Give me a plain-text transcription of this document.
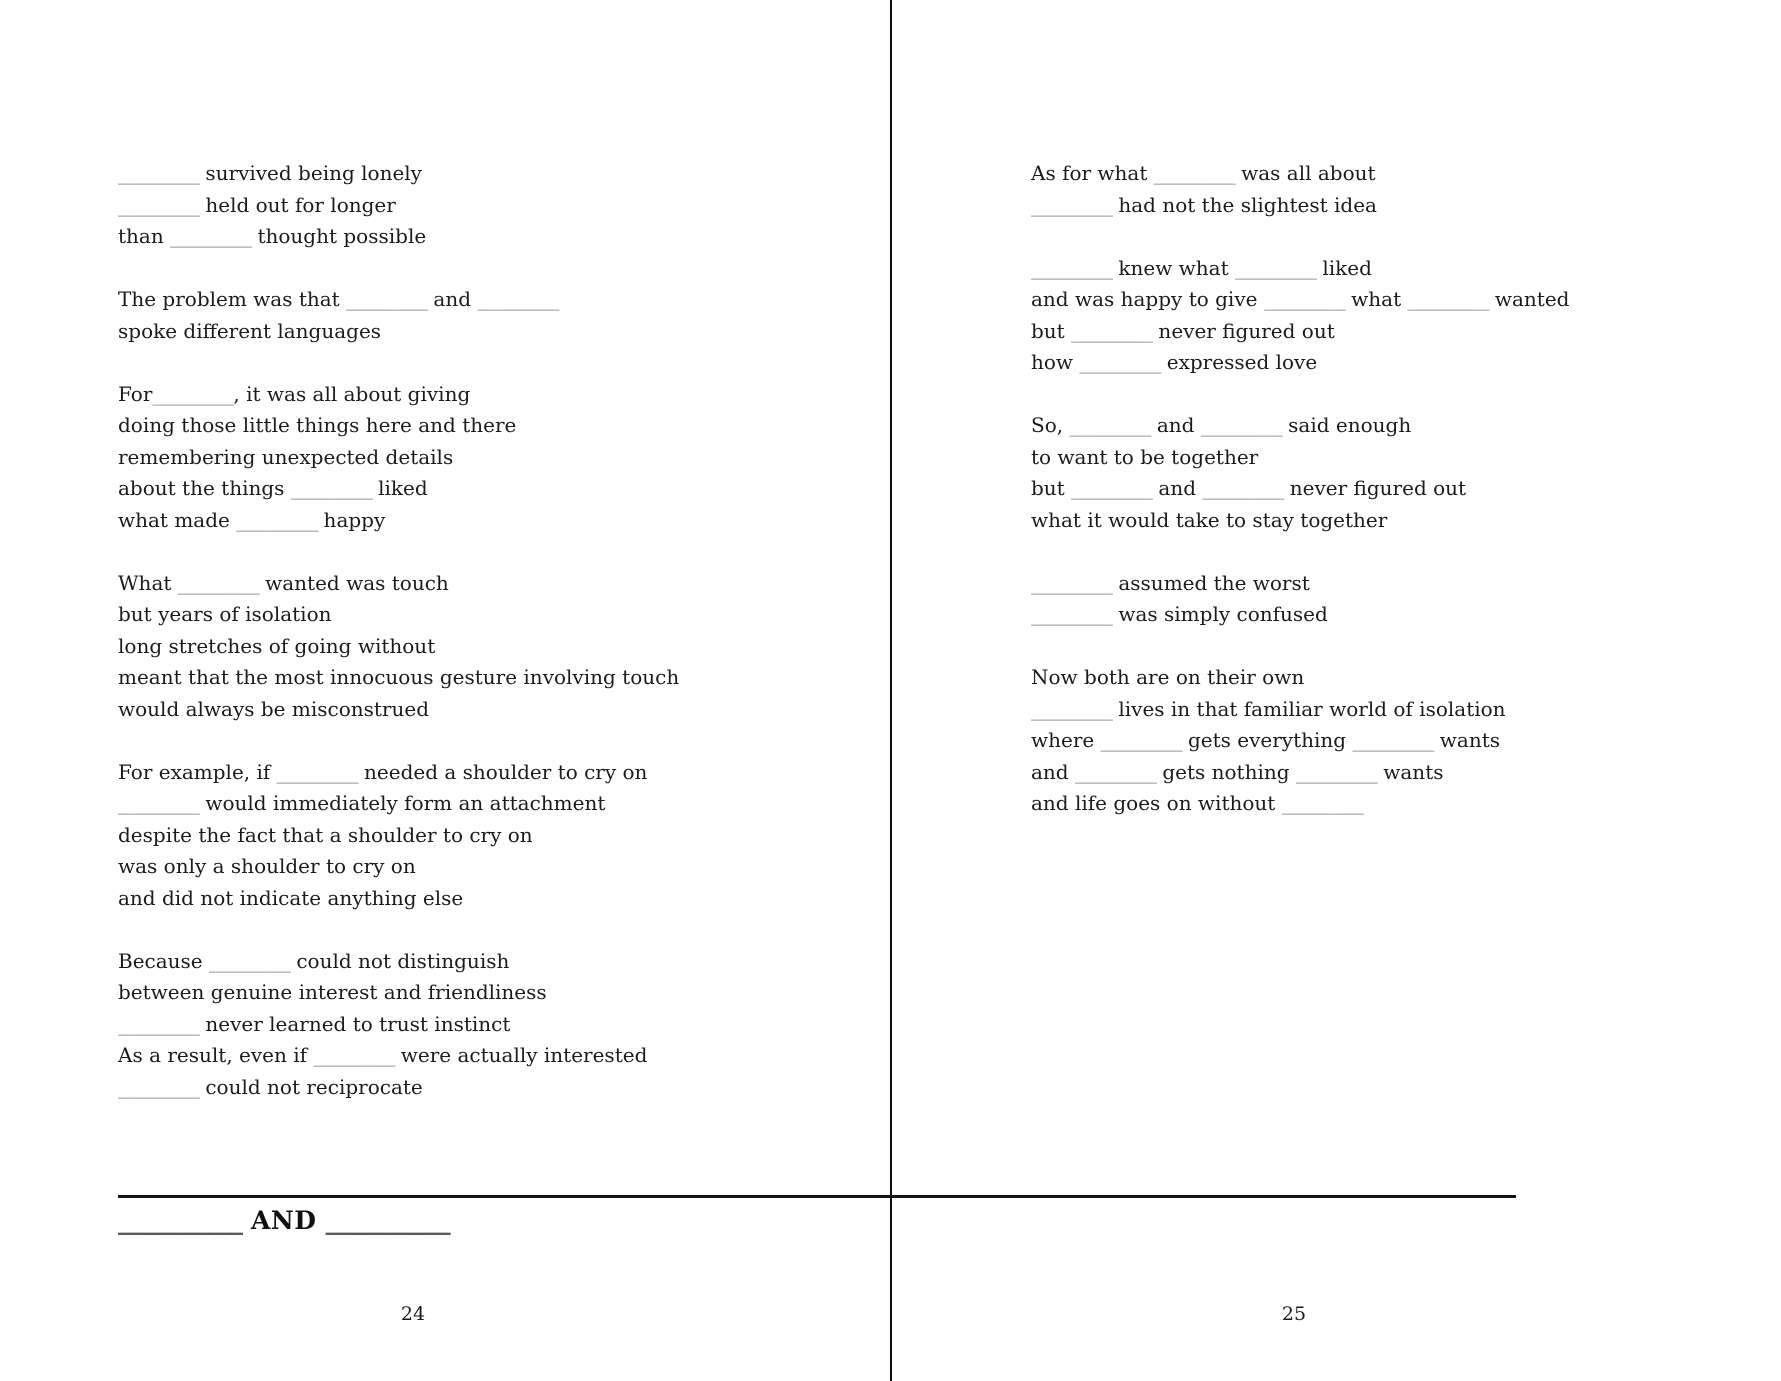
_________ survived being lonely
_________ held out for longer
than _________ thought possible
The problem was that _________ and _________
spoke different languages
For_________, it was all about giving
doing those little things here and there
remembering unexpected details
about the things _________ liked
what made _________ happy
What _________ wanted was touch
but years of isolation
long stretches of going without
meant that the most innocuous gesture involving touch
would always be misconstrued
For example, if _________ needed a shoulder to cry on
_________ would immediately form an attachment
despite the fact that a shoulder to cry on
was only a shoulder to cry on
and did not indicate anything else
Because _________ could not distinguish
between genuine interest and friendliness
_________ never learned to trust instinct
As a result, even if _________ were actually interested
_________ could not reciprocate
As for what _________ was all about
_________ had not the slightest idea
_________ knew what _________ liked
and was happy to give _________ what _________ wanted
but _________ never figured out
how _________ expressed love
So, _________ and _________ said enough
to want to be together
but _________ and _________ never figured out
what it would take to stay together
_________ assumed the worst
_________ was simply confused
Now both are on their own
_________ lives in that familiar world of isolation
where _________ gets everything _________ wants
and _________ gets nothing _________ wants
and life goes on without _________
___________ AND ___________
24	25
